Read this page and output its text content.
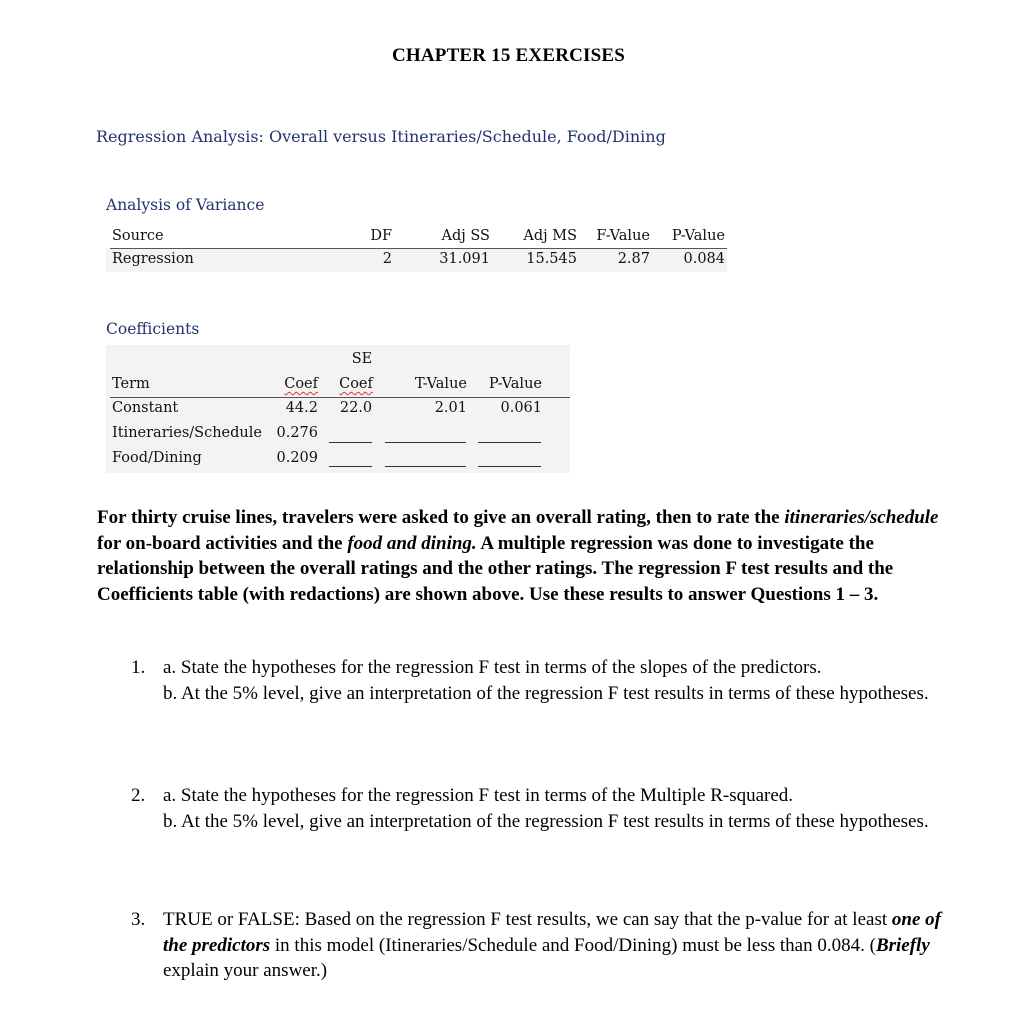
CHAPTER 15 EXERCISES
Regression Analysis: Overall versus Itineraries/Schedule, Food/Dining
Analysis of Variance
Source	DF	Adj SS	Adj MS	F-Value	P-Value
Regression	2	31.091	15.545	2.87	0.084
Coefficients
SE
Term	Coef	Coef	T-Value	P-Value
Constant	44.2	22.0	2.01	0.061
Itineraries/Schedule	0.276
Food/Dining	0.209
For thirty cruise lines, travelers were asked to give an overall rating, then to rate the itineraries/schedule for on-board activities and the food and dining. A multiple regression was done to investigate the relationship between the overall ratings and the other ratings. The regression F test results and the Coefficients table (with redactions) are shown above. Use these results to answer Questions 1 – 3.
1. a. State the hypotheses for the regression F test in terms of the slopes of the predictors.
b. At the 5% level, give an interpretation of the regression F test results in terms of these hypotheses.
2. a. State the hypotheses for the regression F test in terms of the Multiple R-squared.
b. At the 5% level, give an interpretation of the regression F test results in terms of these hypotheses.
3. TRUE or FALSE: Based on the regression F test results, we can say that the p-value for at least one of the predictors in this model (Itineraries/Schedule and Food/Dining) must be less than 0.084. (Briefly explain your answer.)
